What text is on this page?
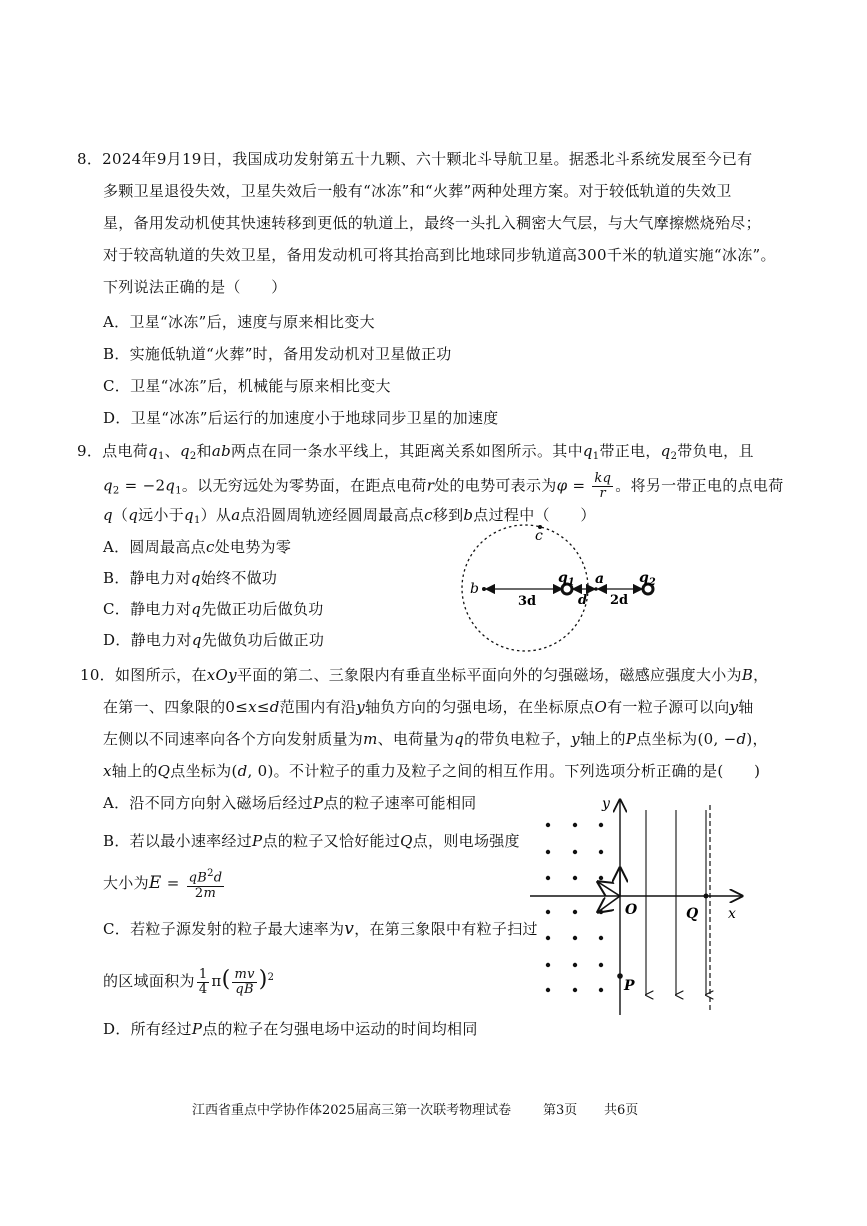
8．2024年9月19日，我国成功发射第五十九颗、六十颗北斗导航卫星。据悉北斗系统发展至今已有
多颗卫星退役失效，卫星失效后一般有“冰冻”和“火葬”两种处理方案。对于较低轨道的失效卫
星，备用发动机使其快速转移到更低的轨道上，最终一头扎入稠密大气层，与大气摩擦燃烧殆尽；
对于较高轨道的失效卫星，备用发动机可将其抬高到比地球同步轨道高300千米的轨道实施“冰冻”。
下列说法正确的是（　　）
A．卫星“冰冻”后，速度与原来相比变大
B．实施低轨道“火葬”时，备用发动机对卫星做正功
C．卫星“冰冻”后，机械能与原来相比变大
D．卫星“冰冻”后运行的加速度小于地球同步卫星的加速度
9．点电荷$q_1$、$q_2$和ab两点在同一条水平线上，其距离关系如图所示。其中$q_1$带正电，$q_2$带负电，且
$q_2 = -2q_1$。以无穷远处为零势面，在距点电荷r处的电势可表示为$\varphi = \frac{kq}{r}$ 。将另一带正电的点电荷
q（q远小于$q_1$）从a点沿圆周轨迹经圆周最高点c移到b点过程中（　　）
A．圆周最高点c处电势为零
B．静电力对q始终不做功
C．静电力对q先做正功后做负功
D．静电力对q先做负功后做正功
c
b
3d
$q_1$
d
a
2d
$q_2$
10．如图所示，在xOy平面的第二、三象限内有垂直坐标平面向外的匀强磁场，磁感应强度大小为B，
在第一、四象限的0≤x≤d范围内有沿y轴负方向的匀强电场，在坐标原点O有一粒子源可以向y轴
左侧以不同速率向各个方向发射质量为m、电荷量为q的带负电粒子，y轴上的P点坐标为(0, −d)，
x轴上的Q点坐标为(d, 0)。不计粒子的重力及粒子之间的相互作用。下列选项分析正确的是(　　)
A．沿不同方向射入磁场后经过P点的粒子速率可能相同
B．若以最小速率经过P点的粒子又恰好能过Q点，则电场强度
大小为$E = \frac{qB^2d}{2m}$
C．若粒子源发射的粒子最大速率为v，在第三象限中有粒子扫过
的区域面积为 $\frac{1}{4} \pi( \frac{mv}{qB} )^2$
D．所有经过P点的粒子在匀强电场中运动的时间均相同
y
x
O	Q
P
江西省重点中学协作体2025届高三第一次联考物理试卷 第3页 共6页
